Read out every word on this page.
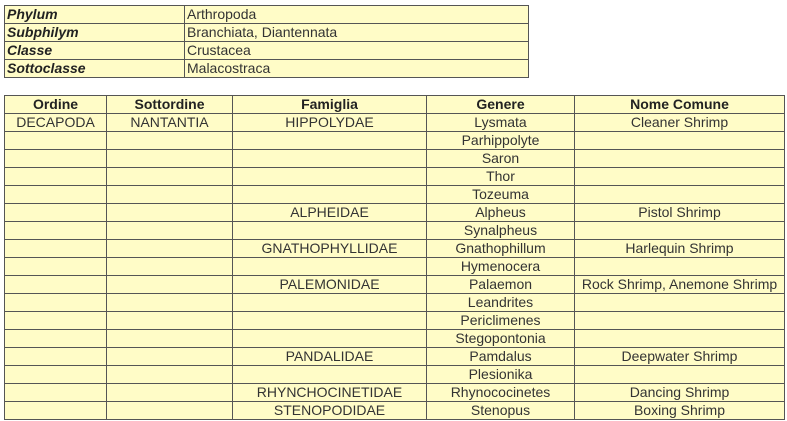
Phylum	Arthropoda
Subphilym	Branchiata, Diantennata
Classe	Crustacea
Sottoclasse	Malacostraca
Ordine	Sottordine	Famiglia	Genere	Nome Comune
DECAPODA	NANTANTIA	HIPPOLYDAE	Lysmata	Cleaner Shrimp
			Parhippolyte	
			Saron	
			Thor	
			Tozeuma	
		ALPHEIDAE	Alpheus	Pistol Shrimp
			Synalpheus	
		GNATHOPHYLLIDAE	Gnathophillum	Harlequin Shrimp
			Hymenocera	
		PALEMONIDAE	Palaemon	Rock Shrimp, Anemone Shrimp
			Leandrites	
			Periclimenes	
			Stegopontonia	
		PANDALIDAE	Pamdalus	Deepwater Shrimp
			Plesionika	
		RHYNCHOCINETIDAE	Rhynococinetes	Dancing Shrimp
		STENOPODIDAE	Stenopus	Boxing Shrimp
